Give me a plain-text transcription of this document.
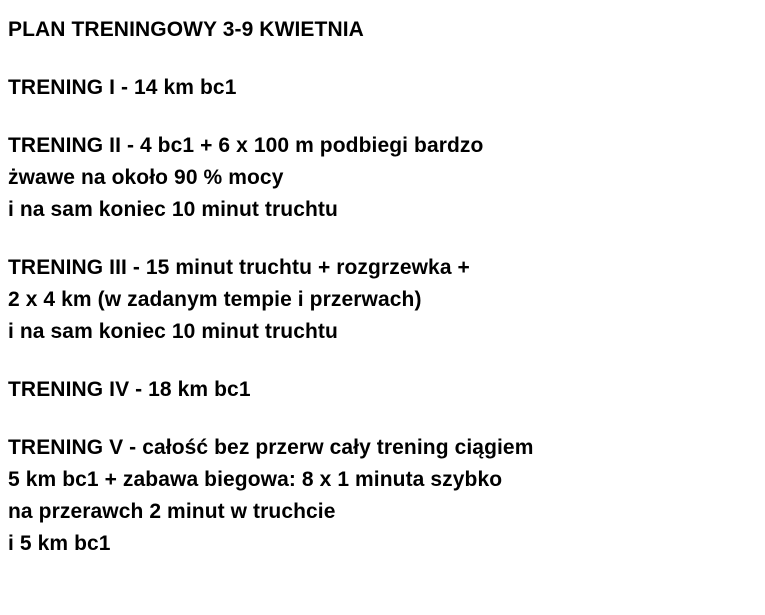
PLAN TRENINGOWY 3-9 KWIETNIA
TRENING I - 14 km bc1
TRENING II - 4 bc1 + 6 x 100 m podbiegi bardzo
żwawe na około 90 % mocy
i na sam koniec 10 minut truchtu
TRENING III - 15 minut truchtu + rozgrzewka +
2 x 4 km (w zadanym tempie i przerwach)
i na sam koniec 10 minut truchtu
TRENING IV - 18 km bc1
TRENING V - całość bez przerw cały trening ciągiem
5 km bc1 + zabawa biegowa: 8 x 1 minuta szybko
na przerawch 2 minut w truchcie
i 5 km bc1
